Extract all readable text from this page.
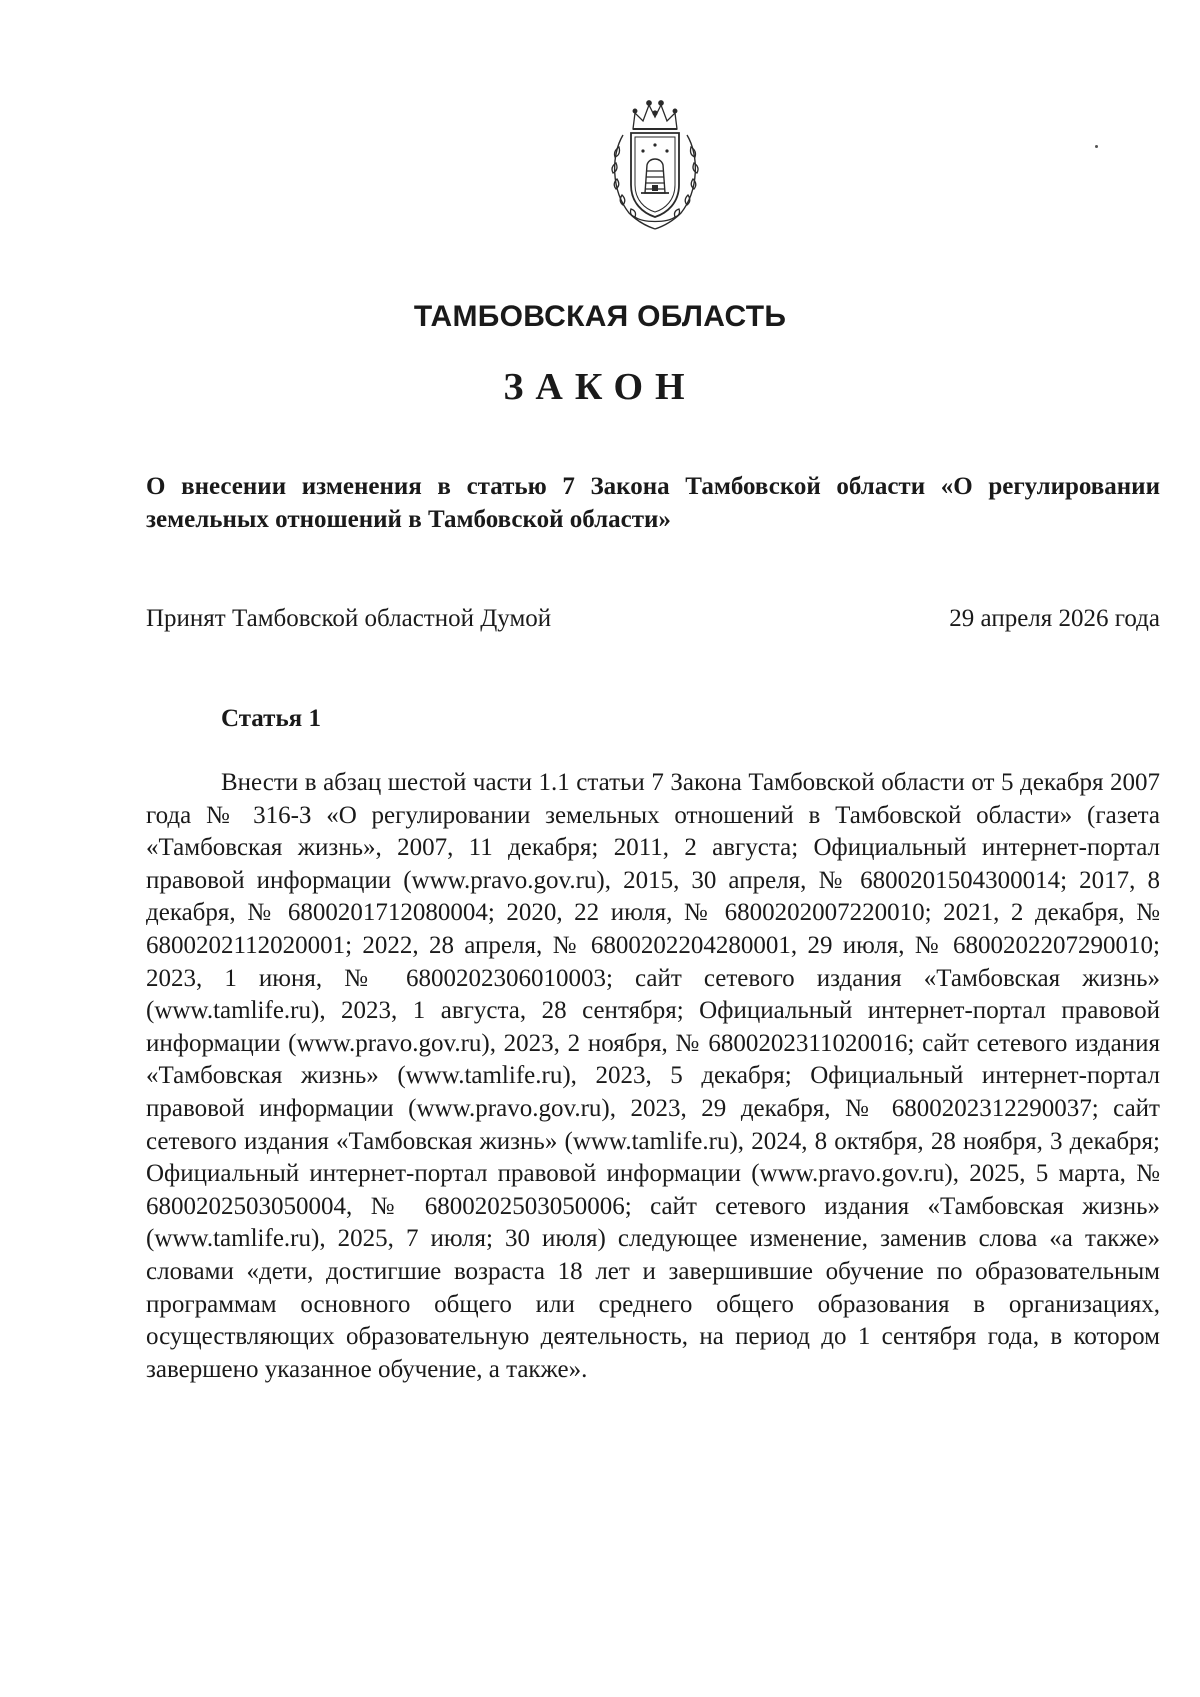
ТАМБОВСКАЯ ОБЛАСТЬ
ЗАКОН

О внесении изменения в статью 7 Закона Тамбовской области «О регулировании земельных отношений в Тамбовской области»

Принят Тамбовской областной Думой	29 апреля 2026 года
Статья 1

Внести в абзац шестой части 1.1 статьи 7 Закона Тамбовской области от 5 декабря 2007 года № 316-З «О регулировании земельных отношений в Тамбовской области» (газета «Тамбовская жизнь», 2007, 11 декабря; 2011, 2 августа; Официальный интернет-портал правовой информации (www.pravo.gov.ru), 2015, 30 апреля, № 6800201504300014; 2017, 8 декабря, № 6800201712080004; 2020, 22 июля, № 6800202007220010; 2021, 2 декабря, № 6800202112020001; 2022, 28 апреля, № 6800202204280001, 29 июля, № 6800202207290010; 2023, 1 июня, № 6800202306010003; сайт сетевого издания «Тамбовская жизнь» (www.tamlife.ru), 2023, 1 августа, 28 сентября; Официальный интернет-портал правовой информации (www.pravo.gov.ru), 2023, 2 ноября, № 6800202311020016; сайт сетевого издания «Тамбовская жизнь» (www.tamlife.ru), 2023, 5 декабря; Официальный интернет-портал правовой информации (www.pravo.gov.ru), 2023, 29 декабря, № 6800202312290037; сайт сетевого издания «Тамбовская жизнь» (www.tamlife.ru), 2024, 8 октября, 28 ноября, 3 декабря; Официальный интернет-портал правовой информации (www.pravo.gov.ru), 2025, 5 марта, № 6800202503050004, № 6800202503050006; сайт сетевого издания «Тамбовская жизнь» (www.tamlife.ru), 2025, 7 июля; 30 июля) следующее изменение, заменив слова «а также» словами «дети, достигшие возраста 18 лет и завершившие обучение по образовательным программам основного общего или среднего общего образования в организациях, осуществляющих образовательную деятельность, на период до 1 сентября года, в котором завершено указанное обучение, а также».
